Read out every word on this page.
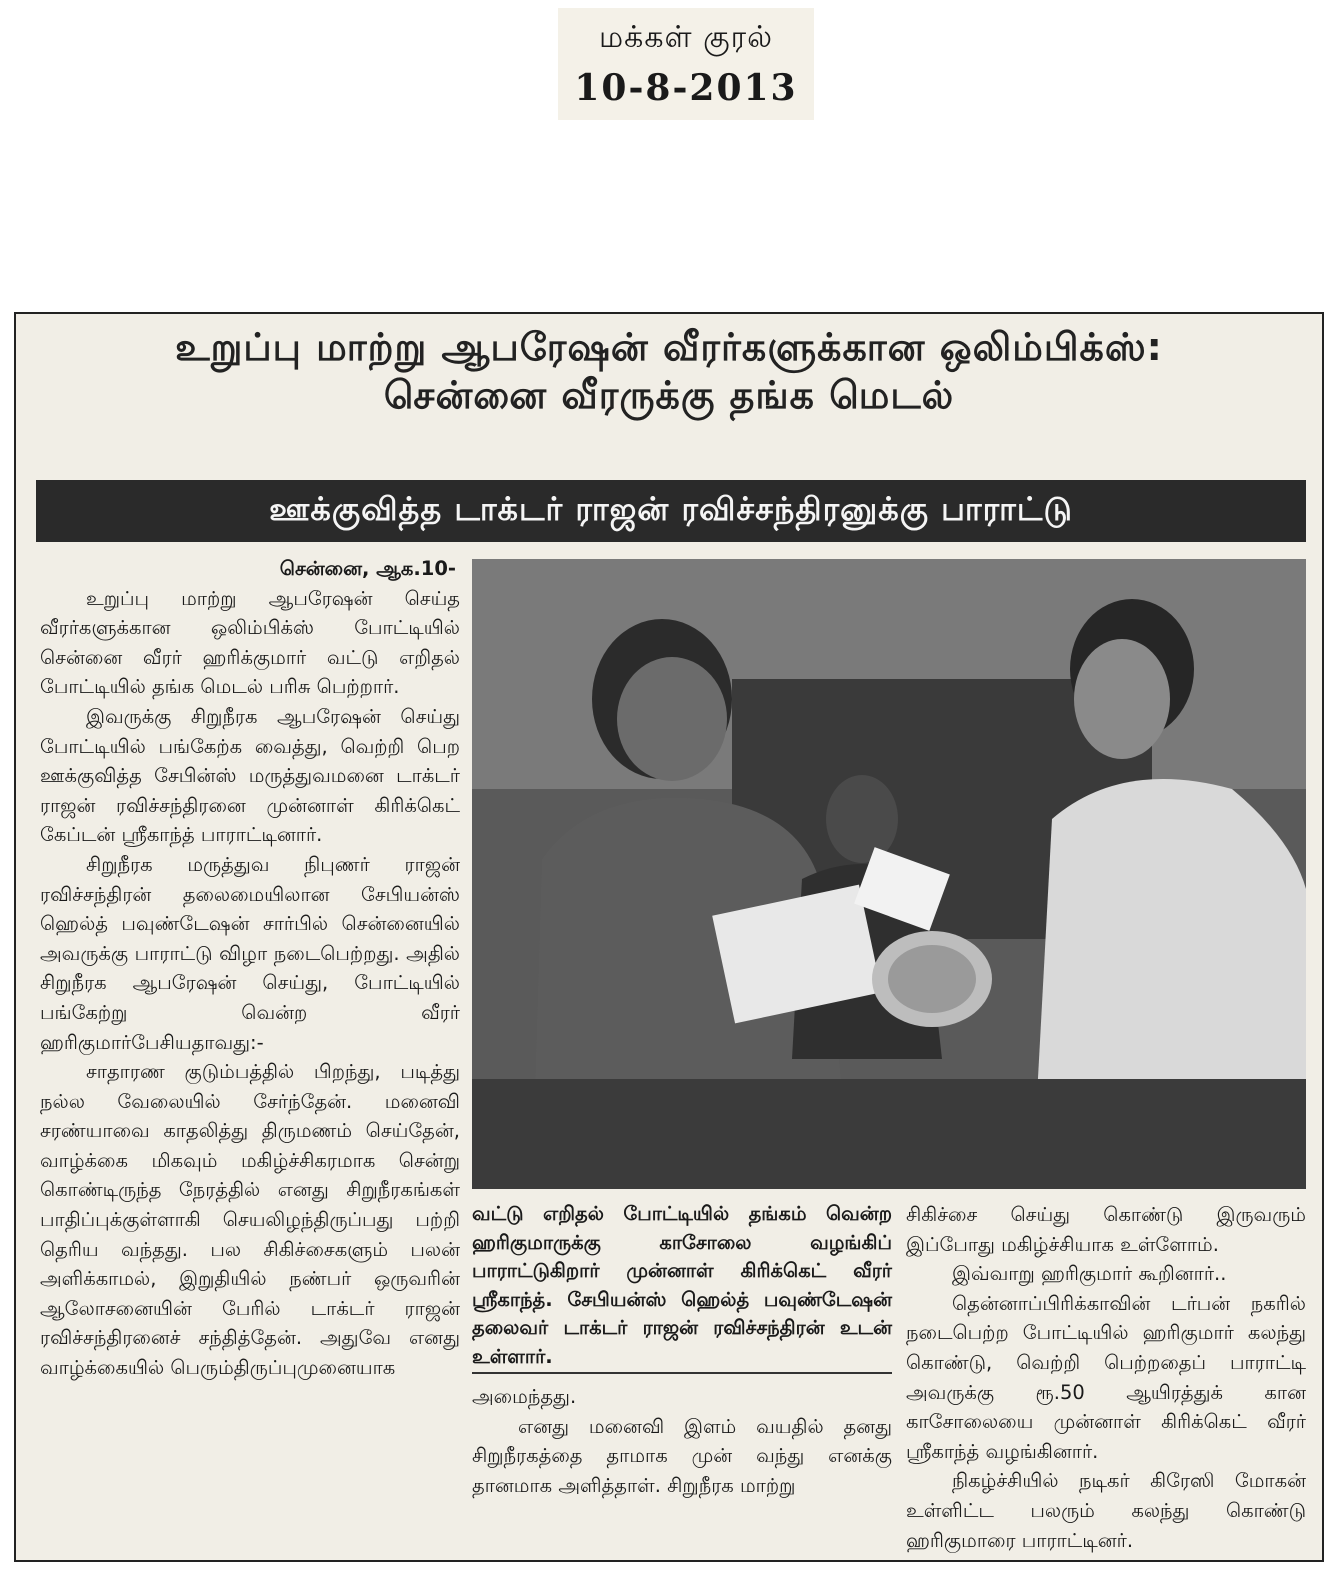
மக்கள் குரல்
10-8-2013
உறுப்பு மாற்று ஆபரேஷன் வீரர்களுக்கான ஒலிம்பிக்ஸ்:
சென்னை வீரருக்கு தங்க மெடல்
ஊக்குவித்த டாக்டர் ராஜன் ரவிச்சந்திரனுக்கு பாராட்டு
சென்னை, ஆக.10-

உறுப்பு மாற்று ஆபரேஷன் செய்த வீரர்களுக்கான ஒலிம்பிக்ஸ் போட்டியில் சென்னை வீரர் ஹரிக்குமார் வட்டு எறிதல் போட்டியில் தங்க மெடல் பரிசு பெற்றார்.

இவருக்கு சிறுநீரக ஆபரேஷன் செய்து போட்டியில் பங்கேற்க வைத்து, வெற்றி பெற ஊக்குவித்த சேபின்ஸ் மருத்துவமனை டாக்டர் ராஜன் ரவிச்சந்திரனை முன்னாள் கிரிக்கெட் கேப்டன் ஸ்ரீகாந்த் பாராட்டினார்.

சிறுநீரக மருத்துவ நிபுணர் ராஜன் ரவிச்சந்திரன் தலைமையிலான சேபியன்ஸ் ஹெல்த் பவுண்டேஷன் சார்பில் சென்னையில் அவருக்கு பாராட்டு விழா நடைபெற்றது. அதில் சிறுநீரக ஆபரேஷன் செய்து, போட்டியில் பங்கேற்று வென்ற வீரர் ஹரிகுமார்பேசியதாவது:-

சாதாரண குடும்பத்தில் பிறந்து, படித்து நல்ல வேலையில் சேர்ந்தேன். மனைவி சரண்யாவை காதலித்து திருமணம் செய்தேன், வாழ்க்கை மிகவும் மகிழ்ச்சிகரமாக சென்று கொண்டிருந்த நேரத்தில் எனது சிறுநீரகங்கள் பாதிப்புக்குள்ளாகி செயலிழந்திருப்பது பற்றி தெரிய வந்தது. பல சிகிச்சைகளும் பலன் அளிக்காமல், இறுதியில் நண்பர் ஒருவரின் ஆலோசனையின் பேரில் டாக்டர் ராஜன் ரவிச்சந்திரனைச் சந்தித்தேன். அதுவே எனது வாழ்க்கையில் பெரும்திருப்புமுனையாக

வட்டு எறிதல் போட்டியில் தங்கம் வென்ற ஹரிகுமாருக்கு காசோலை வழங்கிப் பாராட்டுகிறார் முன்னாள் கிரிக்கெட் வீரர் ஸ்ரீகாந்த். சேபியன்ஸ் ஹெல்த் பவுண்டேஷன் தலைவர் டாக்டர் ராஜன் ரவிச்சந்திரன் உடன் உள்ளார்.

அமைந்தது.

எனது மனைவி இளம் வயதில் தனது சிறுநீரகத்தை தாமாக முன் வந்து எனக்கு தானமாக அளித்தாள். சிறுநீரக மாற்று

சிகிச்சை செய்து கொண்டு இருவரும் இப்போது மகிழ்ச்சியாக உள்ளோம்.

இவ்வாறு ஹரிகுமார் கூறினார்..

தென்னாப்பிரிக்காவின் டர்பன் நகரில் நடைபெற்ற போட்டியில் ஹரிகுமார் கலந்து கொண்டு, வெற்றி பெற்றதைப் பாராட்டி அவருக்கு ரூ.50 ஆயிரத்துக் கான காசோலையை முன்னாள் கிரிக்கெட் வீரர் ஸ்ரீகாந்த் வழங்கினார்.

நிகழ்ச்சியில் நடிகர் கிரேஸி மோகன் உள்ளிட்ட பலரும் கலந்து கொண்டு ஹரிகுமாரை பாராட்டினர்.
